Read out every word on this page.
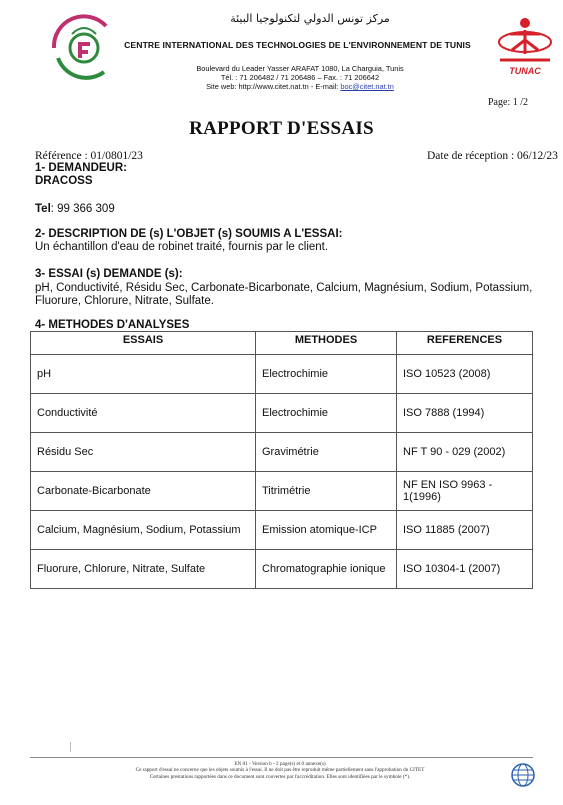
TUNAC
مركز تونس الدولي لتكنولوجيا البيئة
CENTRE INTERNATIONAL DES TECHNOLOGIES DE L'ENVIRONNEMENT DE TUNIS
Boulevard du Leader Yasser ARAFAT 1080, La Charguia, Tunis
Tél. : 71 206482 / 71 206486 – Fax. : 71 206642
Site web: http://www.citet.nat.tn - E-mail: boc@citet.nat.tn
Page: 1 /2
RAPPORT D'ESSAIS
Référence : 01/0801/23	Date de réception : 06/12/23
1- DEMANDEUR:
DRACOSS
Tel: 99 366 309
2- DESCRIPTION DE (s) L'OBJET (s) SOUMIS A L'ESSAI:
Un échantillon d'eau de robinet traité, fournis par le client.
3- ESSAI (s) DEMANDE (s):
pH, Conductivité, Résidu Sec, Carbonate-Bicarbonate, Calcium, Magnésium, Sodium, Potassium,
Fluorure, Chlorure, Nitrate, Sulfate.
4- METHODES D'ANALYSES
ESSAIS	METHODES	REFERENCES
pH	Electrochimie	ISO 10523 (2008)
Conductivité	Electrochimie	ISO 7888 (1994)
Résidu Sec	Gravimétrie	NF T 90 - 029 (2002)
Carbonate-Bicarbonate	Titrimétrie	NF EN ISO 9963 - 1(1996)
Calcium, Magnésium, Sodium, Potassium	Emission atomique-ICP	ISO 11885 (2007)
Fluorure, Chlorure, Nitrate, Sulfate	Chromatographie ionique	ISO 10304-1 (2007)
EN 01 - Version b - 2 page(s) et 0 annexe(s)
Ce rapport d'essai ne concerne que les objets soumis à l'essai. Il ne doit pas être reproduit même partiellement sans l'approbation du CITET
Certaines prestations rapportées dans ce document sont couvertes par l'accréditation. Elles sont identifiées par le symbole (*).
